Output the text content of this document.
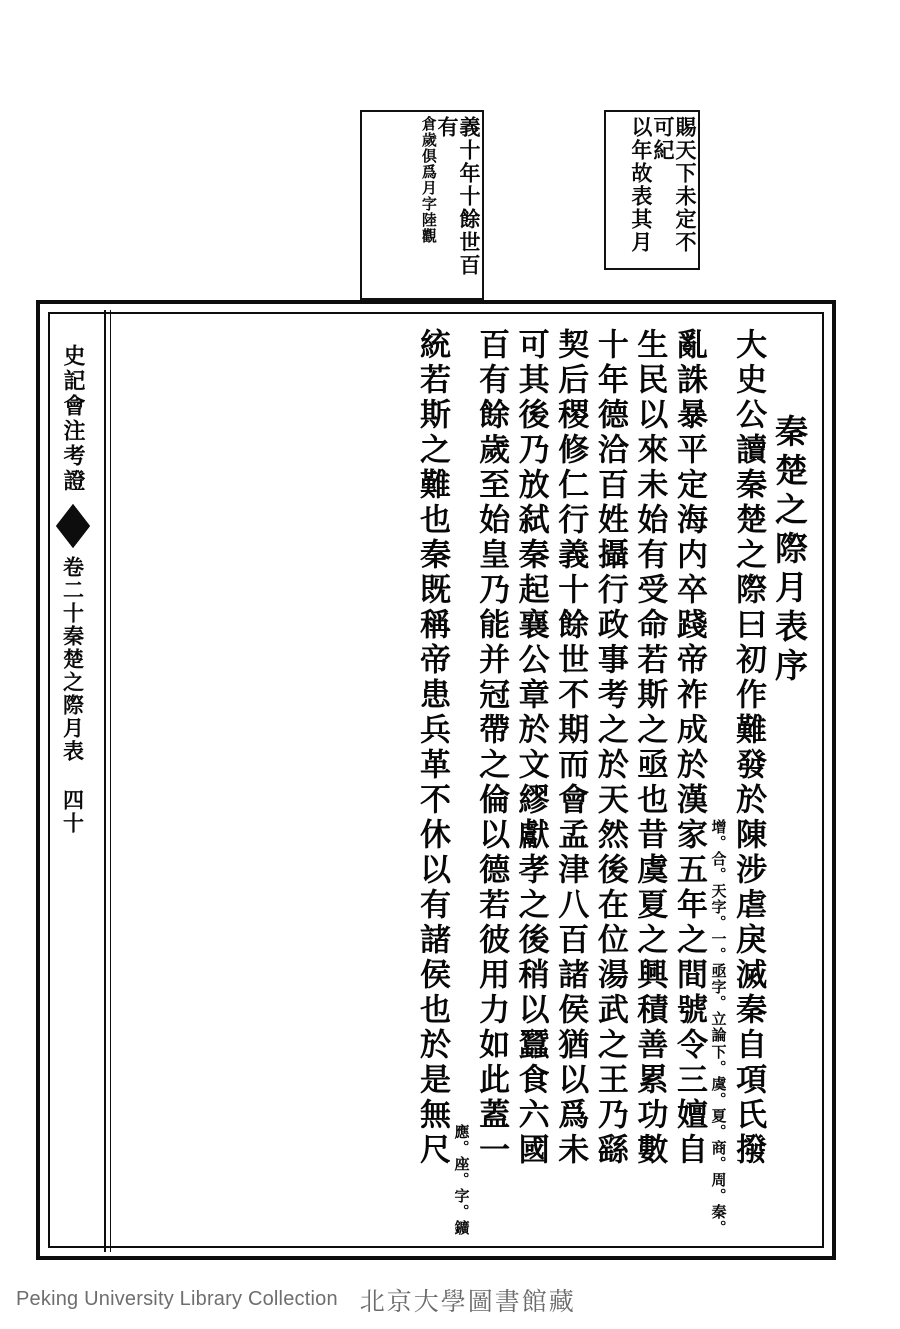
賜天下未定不可紀
以年故表其月
義十年十餘世百有
倉歲俱爲月字陸觀
秦楚之際月表序
大史公讀秦楚之際曰初作難發於陳涉虐戾滅秦自項氏撥
下。虞。夏。商。周。秦。
增。合。天字。一。亟字。立論
亂誅暴平定海内卒踐帝祚成於漢家五年之間號令三嬗自
生民以來未始有受命若斯之亟也昔虞夏之興積善累功數
十年德洽百姓攝行政事考之於天然後在位湯武之王乃繇
契后稷修仁行義十餘世不期而會孟津八百諸侯猶以爲未
可其後乃放弑秦起襄公章於文繆獻孝之後稍以蠶食六國
百有餘歲至始皇乃能并冠帶之倫以德若彼用力如此蓋一
應。座。字。鑛
統若斯之難也秦既稱帝患兵革不休以有諸侯也於是無尺
史記會注考證
卷二十秦楚之際月表
四十
Peking University Library Collection 北京大學圖書館藏
